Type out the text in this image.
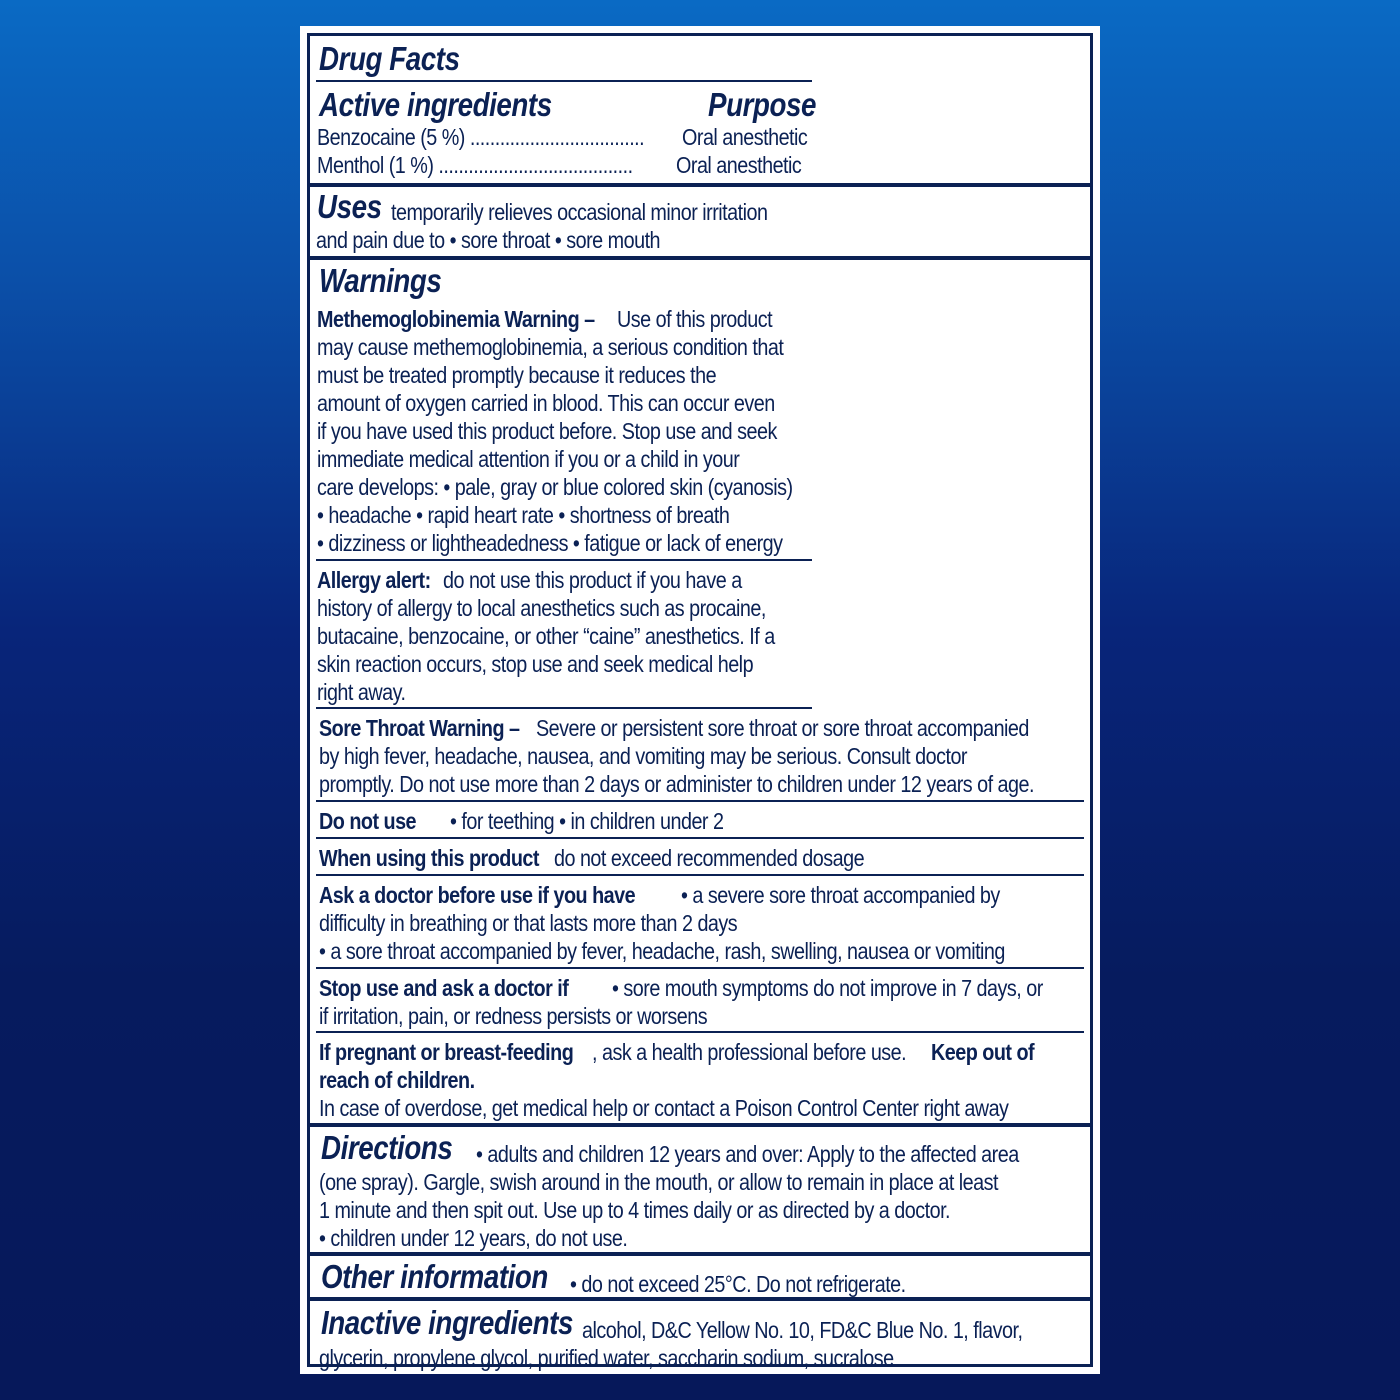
Drug Facts
Active ingredients	Purpose
Benzocaine (5 %) ................................... Oral anesthetic
Menthol (1 %) ....................................... Oral anesthetic
Uses temporarily relieves occasional minor irritation
and pain due to • sore throat • sore mouth
Warnings
Methemoglobinemia Warning – Use of this product
may cause methemoglobinemia, a serious condition that
must be treated promptly because it reduces the
amount of oxygen carried in blood. This can occur even
if you have used this product before. Stop use and seek
immediate medical attention if you or a child in your
care develops: • pale, gray or blue colored skin (cyanosis)
• headache • rapid heart rate • shortness of breath
• dizziness or lightheadedness • fatigue or lack of energy
Allergy alert: do not use this product if you have a
history of allergy to local anesthetics such as procaine,
butacaine, benzocaine, or other “caine” anesthetics. If a
skin reaction occurs, stop use and seek medical help
right away.
Sore Throat Warning – Severe or persistent sore throat or sore throat accompanied
by high fever, headache, nausea, and vomiting may be serious. Consult doctor
promptly. Do not use more than 2 days or administer to children under 12 years of age.
Do not use • for teething • in children under 2
When using this product do not exceed recommended dosage
Ask a doctor before use if you have • a severe sore throat accompanied by
difficulty in breathing or that lasts more than 2 days
• a sore throat accompanied by fever, headache, rash, swelling, nausea or vomiting
Stop use and ask a doctor if • sore mouth symptoms do not improve in 7 days, or
if irritation, pain, or redness persists or worsens
If pregnant or breast-feeding , ask a health professional before use. Keep out of
reach of children.
In case of overdose, get medical help or contact a Poison Control Center right away
Directions • adults and children 12 years and over: Apply to the affected area
(one spray). Gargle, swish around in the mouth, or allow to remain in place at least
1 minute and then spit out. Use up to 4 times daily or as directed by a doctor.
• children under 12 years, do not use.
Other information • do not exceed 25°C. Do not refrigerate.
Inactive ingredients alcohol, D&C Yellow No. 10, FD&C Blue No. 1, flavor,
glycerin, propylene glycol, purified water, saccharin sodium, sucralose
